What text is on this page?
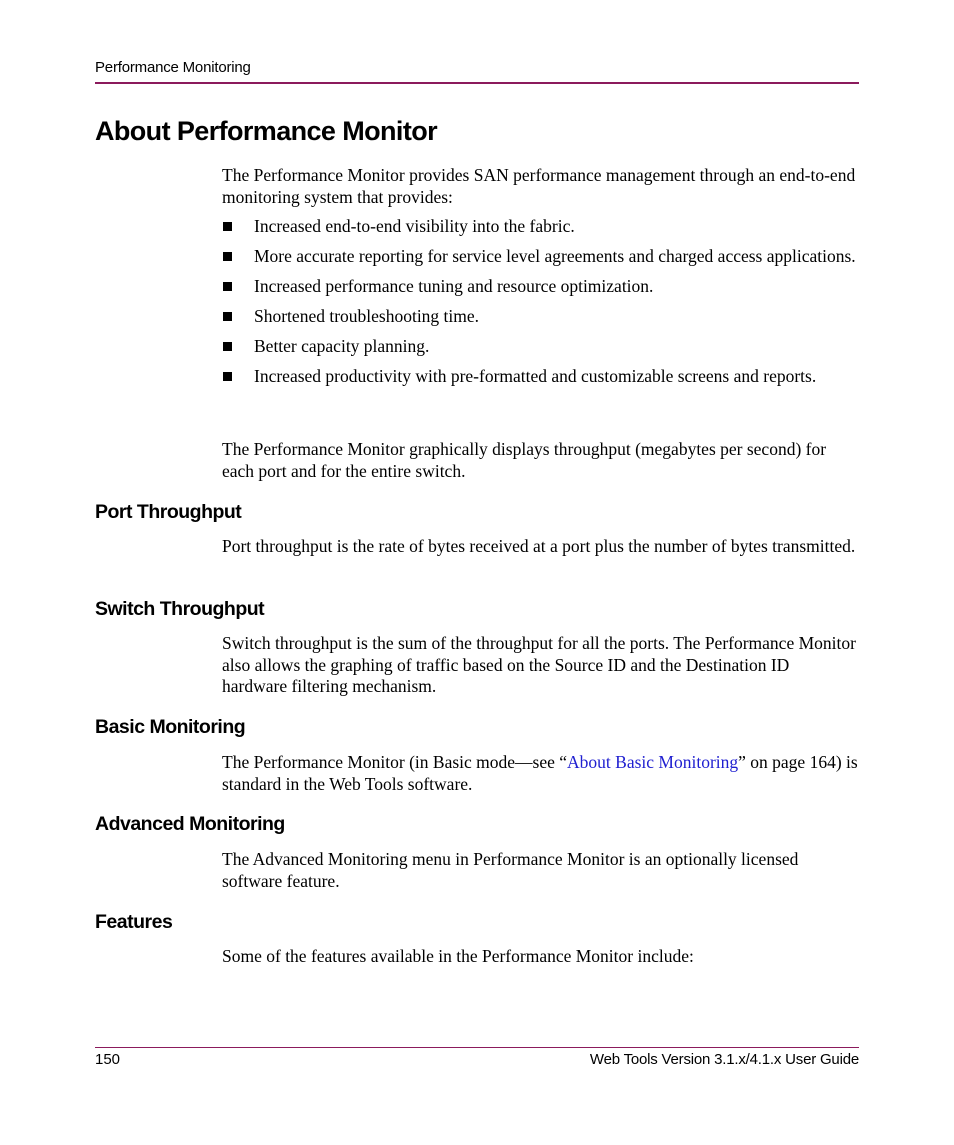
Performance Monitoring
About Performance Monitor

The Performance Monitor provides SAN performance management through an end-to-end monitoring system that provides:

Increased end-to-end visibility into the fabric.
More accurate reporting for service level agreements and charged access applications.
Increased performance tuning and resource optimization.
Shortened troubleshooting time.
Better capacity planning.
Increased productivity with pre-formatted and customizable screens and reports.

The Performance Monitor graphically displays throughput (megabytes per second) for each port and for the entire switch.

Port Throughput

Port throughput is the rate of bytes received at a port plus the number of bytes transmitted.

Switch Throughput

Switch throughput is the sum of the throughput for all the ports. The Performance Monitor also allows the graphing of traffic based on the Source ID and the Destination ID hardware filtering mechanism.

Basic Monitoring

The Performance Monitor (in Basic mode—see “About Basic Monitoring” on page 164) is standard in the Web Tools software.

Advanced Monitoring

The Advanced Monitoring menu in Performance Monitor is an optionally licensed software feature.

Features

Some of the features available in the Performance Monitor include:

150	Web Tools Version 3.1.x/4.1.x User Guide
